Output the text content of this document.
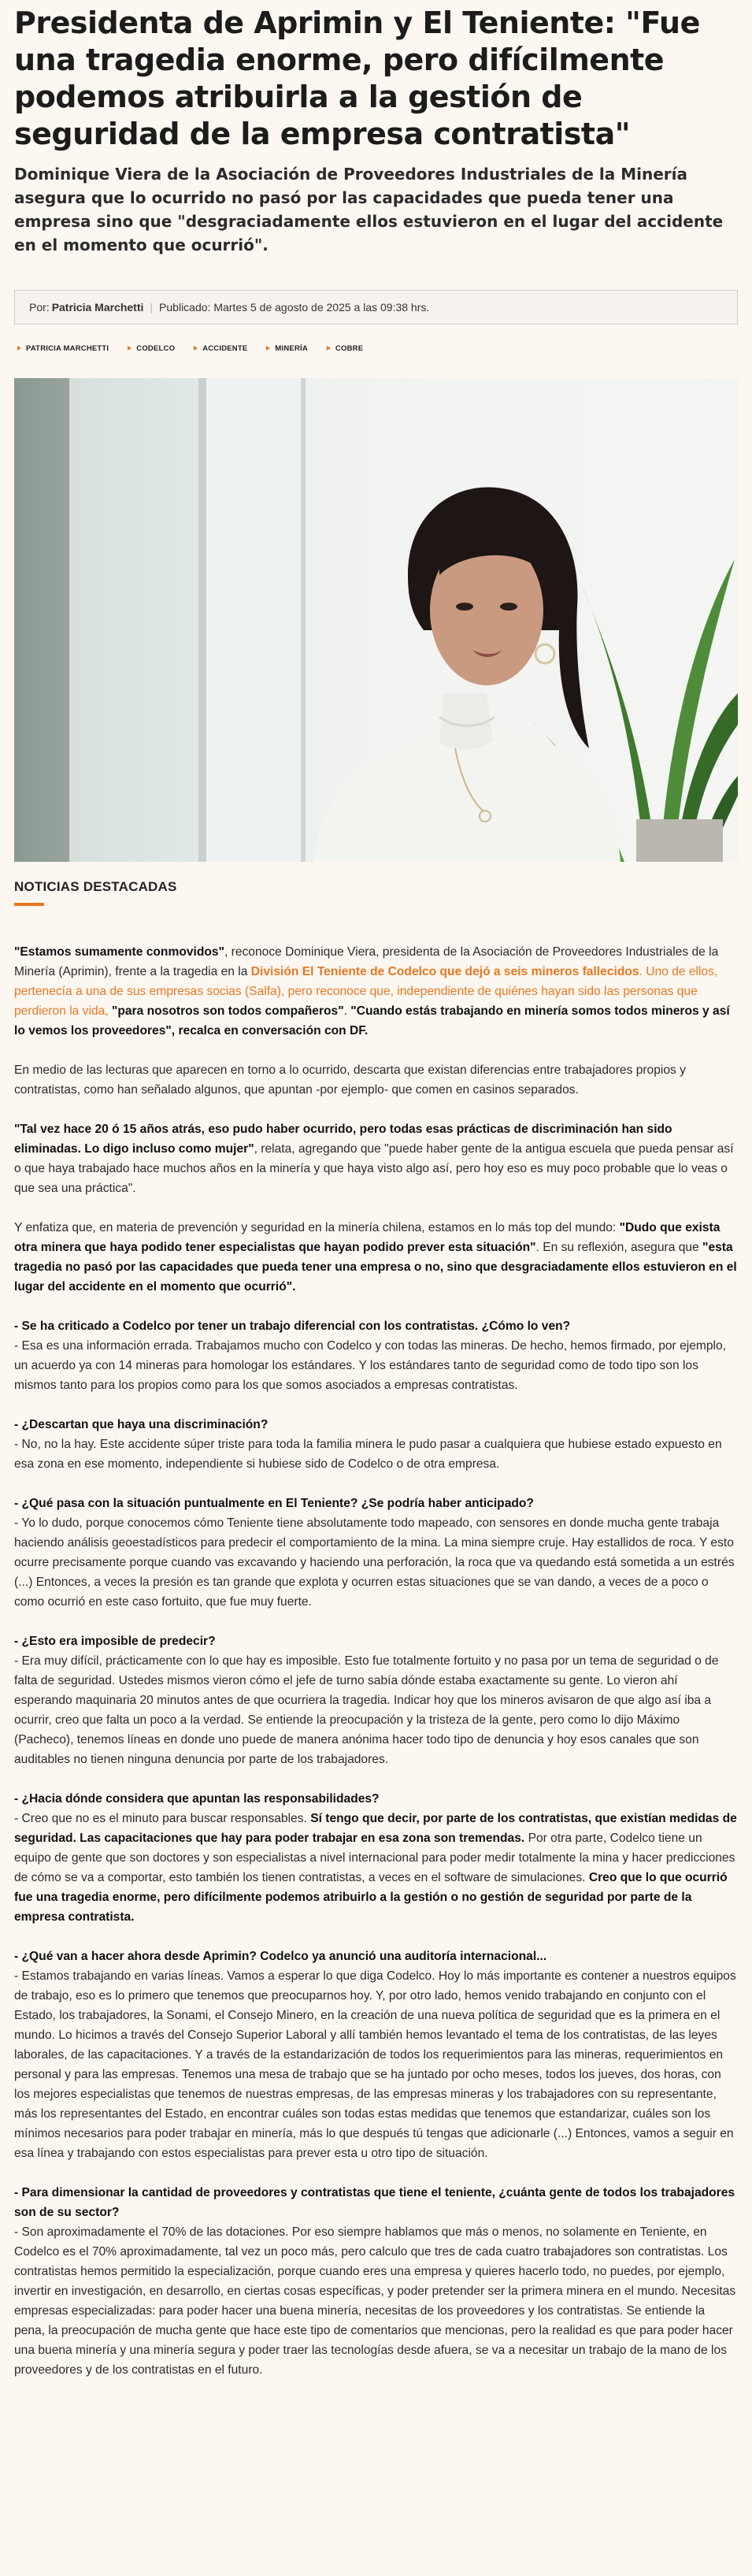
Presidenta de Aprimin y El Teniente: "Fue una tragedia enorme, pero difícilmente podemos atribuirla a la gestión de seguridad de la empresa contratista"

Dominique Viera de la Asociación de Proveedores Industriales de la Minería asegura que lo ocurrido no pasó por las capacidades que pueda tener una empresa sino que "desgraciadamente ellos estuvieron en el lugar del accidente en el momento que ocurrió".

Por: Patricia Marchetti | Publicado: Martes 5 de agosto de 2025 a las 09:38 hrs.
PATRICIA MARCHETTI	CODELCO	ACCIDENTE	MINERÍA	COBRE
NOTICIAS DESTACADAS

"Estamos sumamente conmovidos", reconoce Dominique Viera, presidenta de la Asociación de Proveedores Industriales de la Minería (Aprimin), frente a la tragedia en la División El Teniente de Codelco que dejó a seis mineros fallecidos. Uno de ellos, pertenecía a una de sus empresas socias (Salfa), pero reconoce que, independiente de quiénes hayan sido las personas que perdieron la vida, "para nosotros son todos compañeros". "Cuando estás trabajando en minería somos todos mineros y así lo vemos los proveedores", recalca en conversación con DF.

En medio de las lecturas que aparecen en torno a lo ocurrido, descarta que existan diferencias entre trabajadores propios y contratistas, como han señalado algunos, que apuntan -por ejemplo- que comen en casinos separados.

"Tal vez hace 20 ó 15 años atrás, eso pudo haber ocurrido, pero todas esas prácticas de discriminación han sido eliminadas. Lo digo incluso como mujer", relata, agregando que "puede haber gente de la antigua escuela que pueda pensar así o que haya trabajado hace muchos años en la minería y que haya visto algo así, pero hoy eso es muy poco probable que lo veas o que sea una práctica".

Y enfatiza que, en materia de prevención y seguridad en la minería chilena, estamos en lo más top del mundo: "Dudo que exista otra minera que haya podido tener especialistas que hayan podido prever esta situación". En su reflexión, asegura que "esta tragedia no pasó por las capacidades que pueda tener una empresa o no, sino que desgraciadamente ellos estuvieron en el lugar del accidente en el momento que ocurrió".

- Se ha criticado a Codelco por tener un trabajo diferencial con los contratistas. ¿Cómo lo ven?
- Esa es una información errada. Trabajamos mucho con Codelco y con todas las mineras. De hecho, hemos firmado, por ejemplo, un acuerdo ya con 14 mineras para homologar los estándares. Y los estándares tanto de seguridad como de todo tipo son los mismos tanto para los propios como para los que somos asociados a empresas contratistas.

- ¿Descartan que haya una discriminación?
- No, no la hay. Este accidente súper triste para toda la familia minera le pudo pasar a cualquiera que hubiese estado expuesto en esa zona en ese momento, independiente si hubiese sido de Codelco o de otra empresa.

- ¿Qué pasa con la situación puntualmente en El Teniente? ¿Se podría haber anticipado?
- Yo lo dudo, porque conocemos cómo Teniente tiene absolutamente todo mapeado, con sensores en donde mucha gente trabaja haciendo análisis geoestadísticos para predecir el comportamiento de la mina. La mina siempre cruje. Hay estallidos de roca. Y esto ocurre precisamente porque cuando vas excavando y haciendo una perforación, la roca que va quedando está sometida a un estrés (...) Entonces, a veces la presión es tan grande que explota y ocurren estas situaciones que se van dando, a veces de a poco o como ocurrió en este caso fortuito, que fue muy fuerte.

- ¿Esto era imposible de predecir?
- Era muy difícil, prácticamente con lo que hay es imposible. Esto fue totalmente fortuito y no pasa por un tema de seguridad o de falta de seguridad. Ustedes mismos vieron cómo el jefe de turno sabía dónde estaba exactamente su gente. Lo vieron ahí esperando maquinaria 20 minutos antes de que ocurriera la tragedia. Indicar hoy que los mineros avisaron de que algo así iba a ocurrir, creo que falta un poco a la verdad. Se entiende la preocupación y la tristeza de la gente, pero como lo dijo Máximo (Pacheco), tenemos líneas en donde uno puede de manera anónima hacer todo tipo de denuncia y hoy esos canales que son auditables no tienen ninguna denuncia por parte de los trabajadores.

- ¿Hacia dónde considera que apuntan las responsabilidades?
- Creo que no es el minuto para buscar responsables. Sí tengo que decir, por parte de los contratistas, que existían medidas de seguridad. Las capacitaciones que hay para poder trabajar en esa zona son tremendas. Por otra parte, Codelco tiene un equipo de gente que son doctores y son especialistas a nivel internacional para poder medir totalmente la mina y hacer predicciones de cómo se va a comportar, esto también los tienen contratistas, a veces en el software de simulaciones. Creo que lo que ocurrió fue una tragedia enorme, pero difícilmente podemos atribuirlo a la gestión o no gestión de seguridad por parte de la empresa contratista.

- ¿Qué van a hacer ahora desde Aprimin? Codelco ya anunció una auditoría internacional...
- Estamos trabajando en varias líneas. Vamos a esperar lo que diga Codelco. Hoy lo más importante es contener a nuestros equipos de trabajo, eso es lo primero que tenemos que preocuparnos hoy. Y, por otro lado, hemos venido trabajando en conjunto con el Estado, los trabajadores, la Sonami, el Consejo Minero, en la creación de una nueva política de seguridad que es la primera en el mundo. Lo hicimos a través del Consejo Superior Laboral y allí también hemos levantado el tema de los contratistas, de las leyes laborales, de las capacitaciones. Y a través de la estandarización de todos los requerimientos para las mineras, requerimientos en personal y para las empresas. Tenemos una mesa de trabajo que se ha juntado por ocho meses, todos los jueves, dos horas, con los mejores especialistas que tenemos de nuestras empresas, de las empresas mineras y los trabajadores con su representante, más los representantes del Estado, en encontrar cuáles son todas estas medidas que tenemos que estandarizar, cuáles son los mínimos necesarios para poder trabajar en minería, más lo que después tú tengas que adicionarle (...) Entonces, vamos a seguir en esa línea y trabajando con estos especialistas para prever esta u otro tipo de situación.

- Para dimensionar la cantidad de proveedores y contratistas que tiene el teniente, ¿cuánta gente de todos los trabajadores son de su sector?
- Son aproximadamente el 70% de las dotaciones. Por eso siempre hablamos que más o menos, no solamente en Teniente, en Codelco es el 70% aproximadamente, tal vez un poco más, pero calculo que tres de cada cuatro trabajadores son contratistas. Los contratistas hemos permitido la especialización, porque cuando eres una empresa y quieres hacerlo todo, no puedes, por ejemplo, invertir en investigación, en desarrollo, en ciertas cosas específicas, y poder pretender ser la primera minera en el mundo. Necesitas empresas especializadas: para poder hacer una buena minería, necesitas de los proveedores y los contratistas. Se entiende la pena, la preocupación de mucha gente que hace este tipo de comentarios que mencionas, pero la realidad es que para poder hacer una buena minería y una minería segura y poder traer las tecnologías desde afuera, se va a necesitar un trabajo de la mano de los proveedores y de los contratistas en el futuro.
